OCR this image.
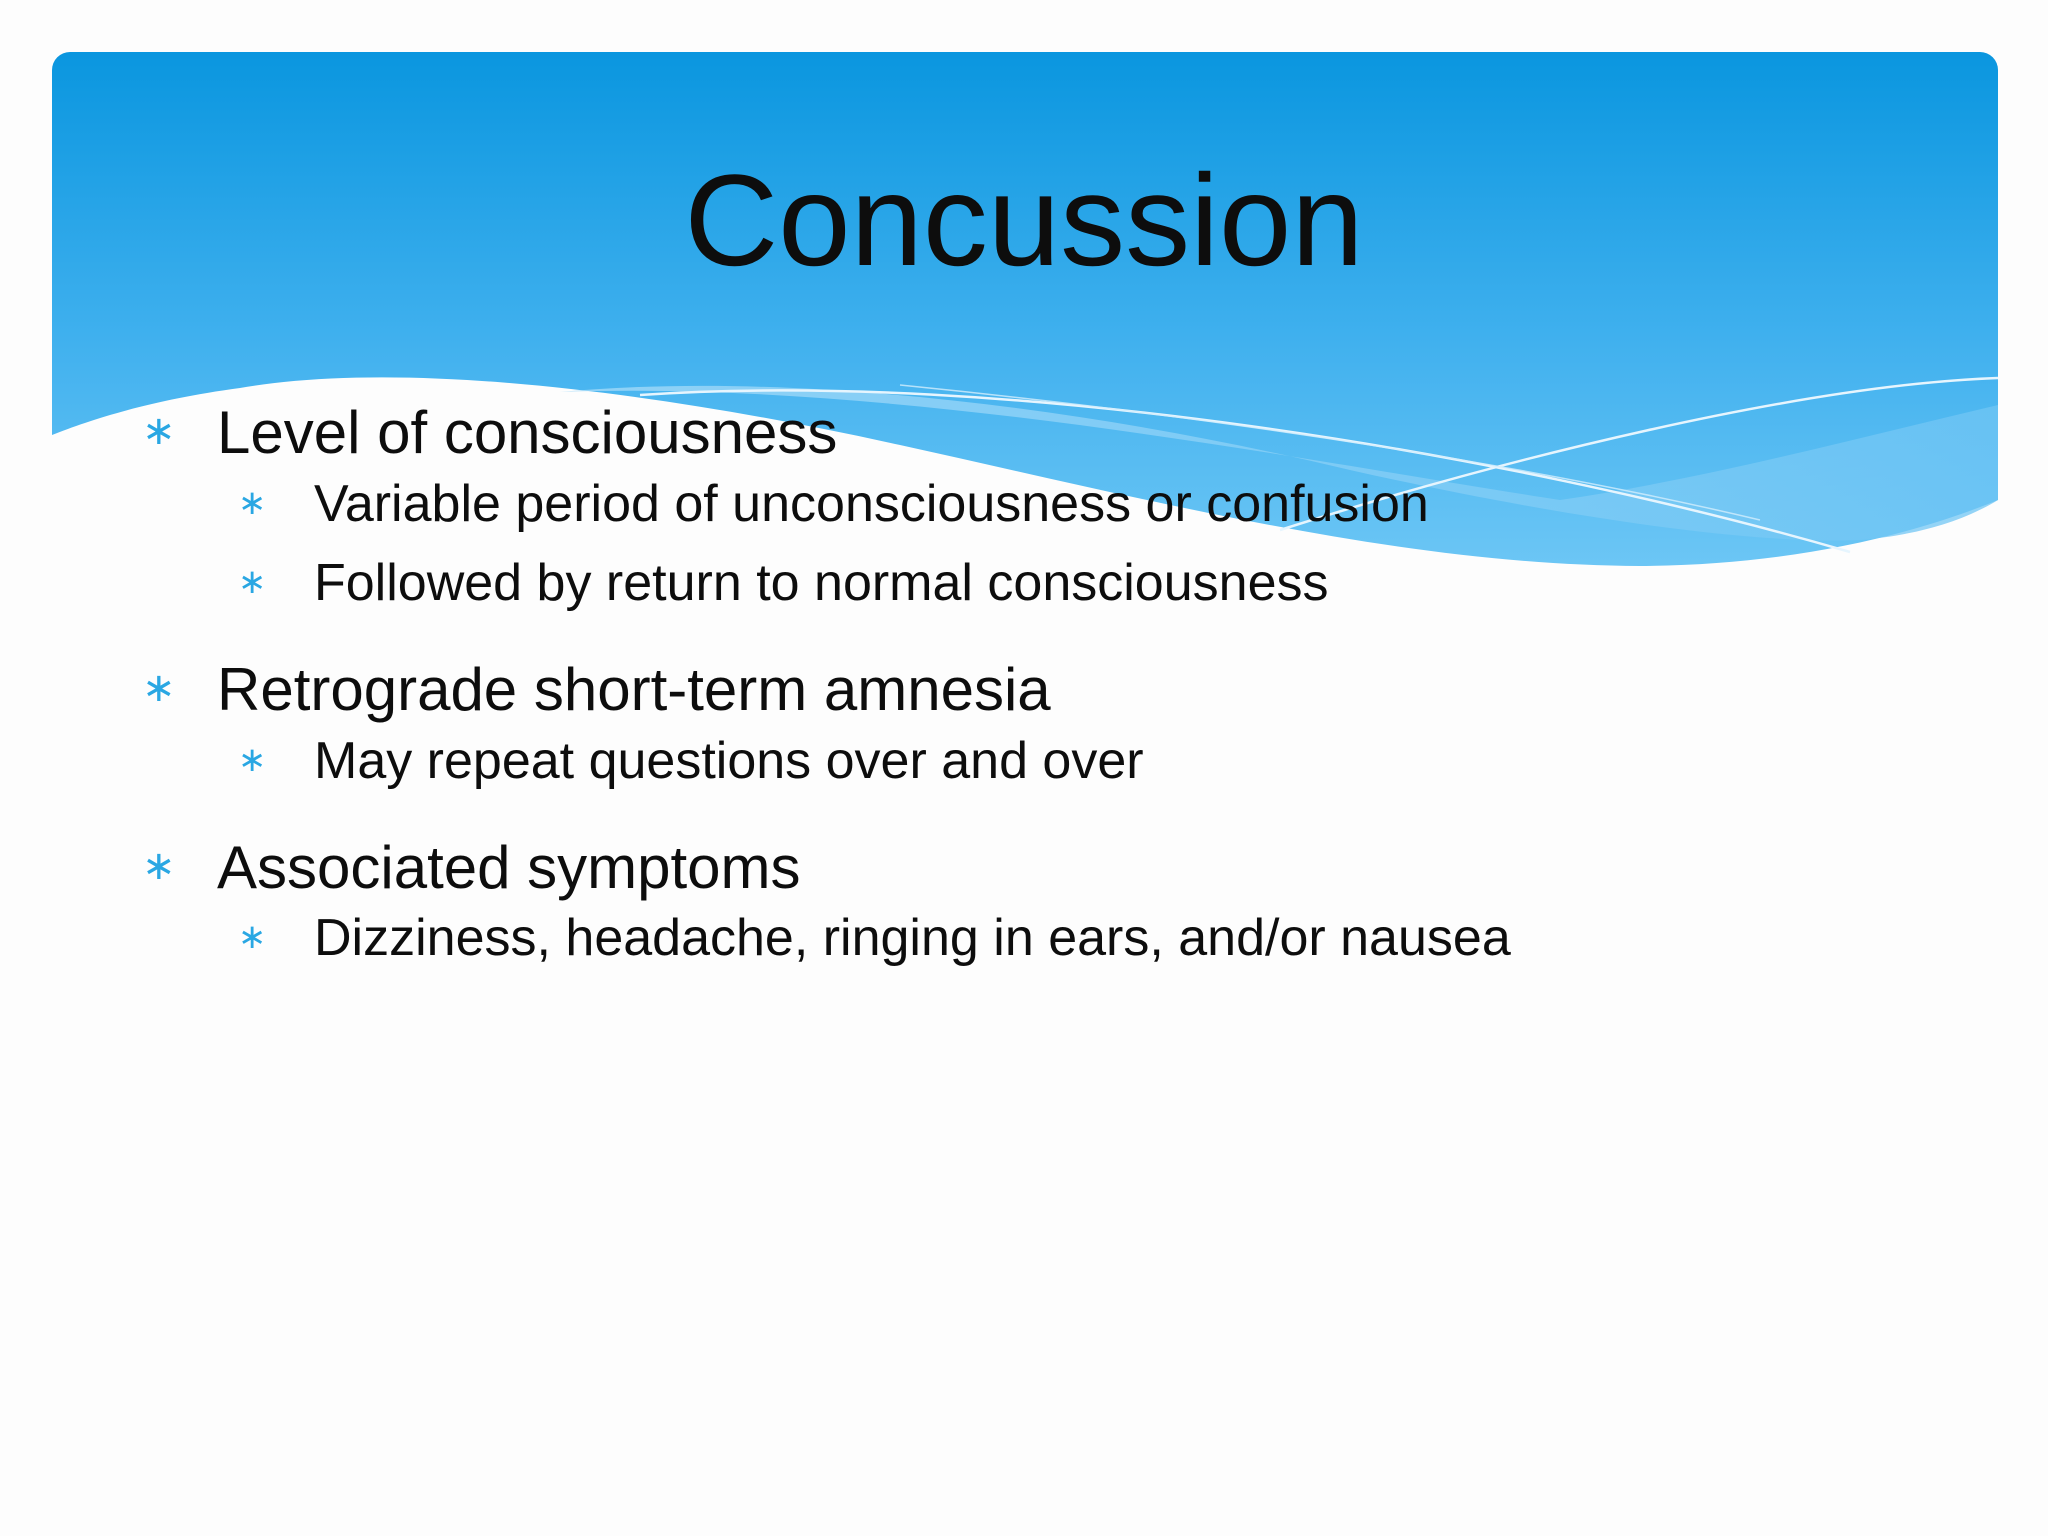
Concussion
∗ Level of consciousness
∗ Variable period of unconsciousness or confusion
∗ Followed by return to normal consciousness
∗ Retrograde short-term amnesia
∗ May repeat questions over and over
∗ Associated symptoms
∗ Dizziness, headache, ringing in ears, and/or nausea
